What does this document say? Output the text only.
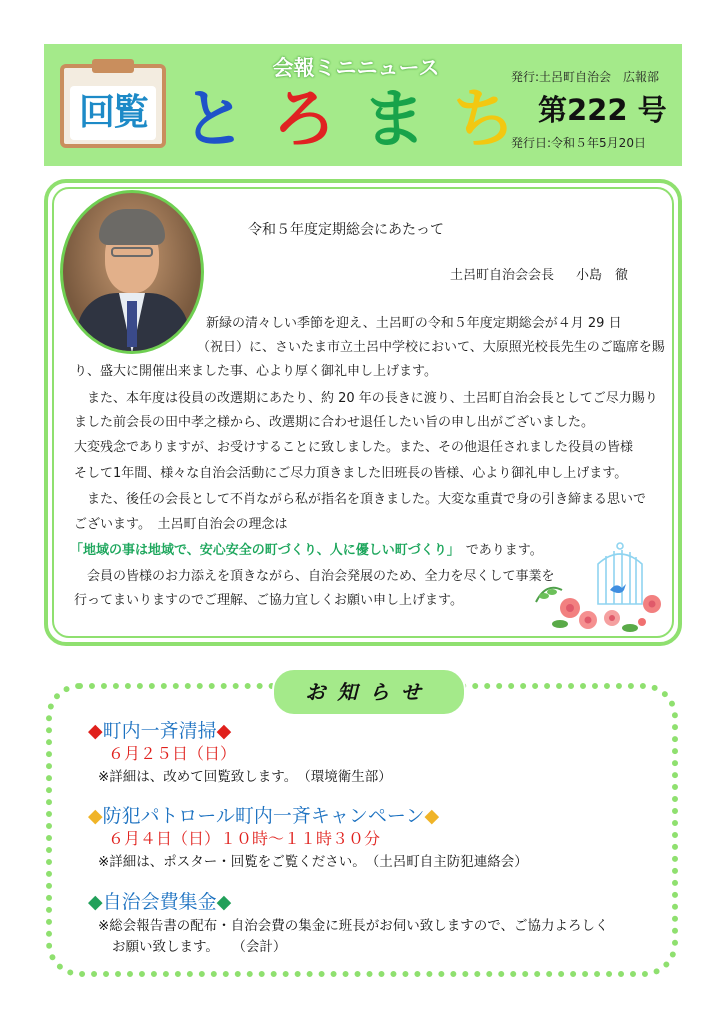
回覧
会報ミニニュース
と ろ ま ち
発行:土呂町自治会　広報部
第222 号
発行日:令和５年5月20日
令和５年度定期総会にあたって
土呂町自治会会長 小島　徹
新緑の清々しい季節を迎え、土呂町の令和５年度定期総会が４月 29 日
（祝日）に、さいたま市立土呂中学校において、大原照光校長先生のご臨席を賜
り、盛大に開催出来ました事、心より厚く御礼申し上げます。
　また、本年度は役員の改選期にあたり、約 20 年の長きに渡り、土呂町自治会長としてご尽力賜り
ました前会長の田中孝之様から、改選期に合わせ退任したい旨の申し出がございました。
大変残念でありますが、お受けすることに致しました。また、その他退任されました役員の皆様
そして1年間、様々な自治会活動にご尽力頂きました旧班長の皆様、心より御礼申し上げます。
　また、後任の会長として不肖ながら私が指名を頂きました。大変な重責で身の引き締まる思いで
ございます。　土呂町自治会の理念は
「地域の事は地域で、安心安全の町づくり、人に優しい町づくり」 であります。
　会員の皆様のお力添えを頂きながら、自治会発展のため、全力を尽くして事業を
行ってまいりますのでご理解、ご協力宜しくお願い申し上げます。
お知らせ
◆町内一斉清掃◆
６月２５日（日）
※詳細は、改めて回覧致します。　（環境衛生部）
◆防犯パトロール町内一斉キャンペーン◆
６月４日（日）１０時～１１時３０分
※詳細は、ポスター・回覧をご覧ください。　（土呂町自主防犯連絡会）
◆自治会費集金◆
※総会報告書の配布・自治会費の集金に班長がお伺い致しますので、ご協力よろしく
お願い致します。　　（会計）
